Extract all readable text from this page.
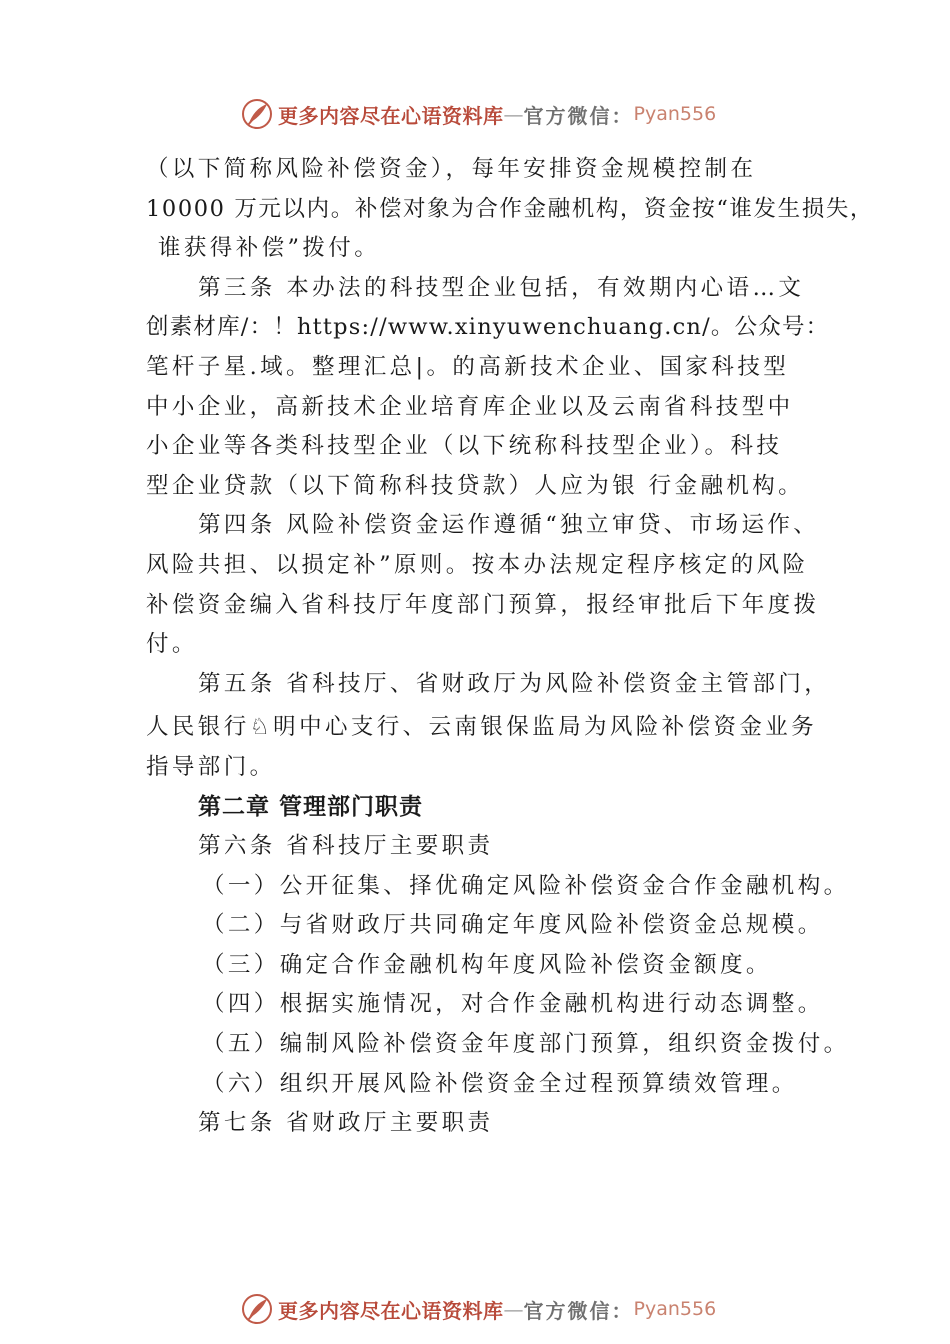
更多内容尽在心语资料库 — 官方微信： Pyan556
（以下简称风险补偿资金），每年安排资金规模控制在
10000 万元以内。补偿对象为合作金融机构，资金按“谁发生损失，
谁获得补偿”拨付。
第三条 本办法的科技型企业包括，有效期内心语…文
创素材库/：！https://www.xinyuwenchuang.cn/。公众号：
笔杆子星.域。整理汇总|。的高新技术企业、国家科技型
中小企业，高新技术企业培育库企业以及云南省科技型中
小企业等各类科技型企业（以下统称科技型企业）。科技
型企业贷款（以下简称科技贷款）人应为银 行金融机构。
第四条 风险补偿资金运作遵循“独立审贷、市场运作、
风险共担、以损定补”原则。按本办法规定程序核定的风险
补偿资金编入省科技厅年度部门预算，报经审批后下年度拨
付。
第五条 省科技厅、省财政厅为风险补偿资金主管部门，
人民银行♘明中心支行、云南银保监局为风险补偿资金业务
指导部门。
第二章 管理部门职责
第六条 省科技厅主要职责
（一）公开征集、择优确定风险补偿资金合作金融机构。
（二）与省财政厅共同确定年度风险补偿资金总规模。
（三）确定合作金融机构年度风险补偿资金额度。
（四）根据实施情况，对合作金融机构进行动态调整。
（五）编制风险补偿资金年度部门预算，组织资金拨付。
（六）组织开展风险补偿资金全过程预算绩效管理。
第七条 省财政厅主要职责
更多内容尽在心语资料库 — 官方微信： Pyan556
